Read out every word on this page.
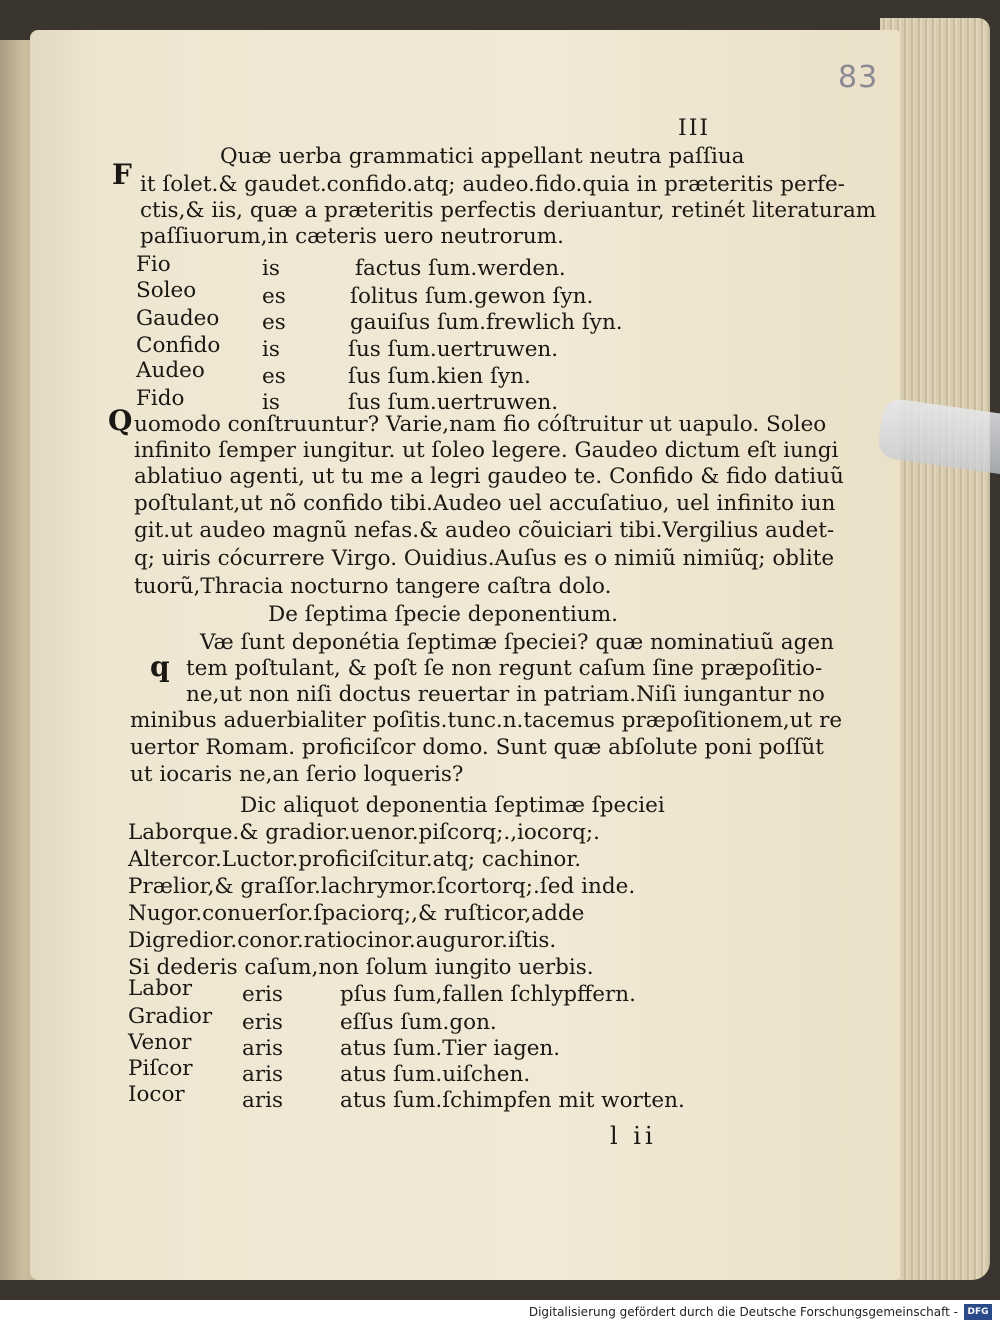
83
III
Quæ uerba grammatici appellant neutra paſſiua
F it ſolet.& gaudet.confido.atq; audeo.fido.quia in præteritis perfe-
ctis,& iis, quæ a præteritis perfectis deriuantur, retinét literaturam
paſſiuorum,in cæteris uero neutrorum.
Fio	is	factus ſum.werden.
Soleo	es	ſolitus ſum.gewon ſyn.
Gaudeo es	gauiſus ſum.frewlich ſyn.
Confido is	ſus ſum.uertruwen.
Audeo	es	ſus ſum.kien ſyn.
Fido	is	ſus ſum.uertruwen.
Q uomodo conſtruuntur? Varie,nam fio cóſtruitur ut uapulo. Soleo
infinito ſemper iungitur. ut ſoleo legere. Gaudeo dictum eſt iungi
ablatiuo agenti, ut tu me a legri gaudeo te. Confido & fido datiuũ
poſtulant,ut nõ confido tibi.Audeo uel accuſatiuo, uel infinito iun
git.ut audeo magnũ nefas.& audeo cõuiciari tibi.Vergilius audet-
q; uiris cócurrere Virgo. Ouidius.Auſus es o nimiũ nimiũq; oblite
tuorũ,Thracia nocturno tangere caſtra dolo.
De ſeptima ſpecie deponentium.
Væ ſunt deponétia ſeptimæ ſpeciei? quæ nominatiuũ agen
q tem poſtulant, & poſt ſe non regunt caſum ſine præpoſitio-
ne,ut non niſi doctus reuertar in patriam.Niſi iungantur no
minibus aduerbialiter poſitis.tunc.n.tacemus præpoſitionem,ut re
uertor Romam. proficiſcor domo. Sunt quæ abſolute poni poſſũt
ut iocaris ne,an ſerio loqueris?
Dic aliquot deponentia ſeptimæ ſpeciei
Laborque.& gradior.uenor.piſcorq;.,iocorq;.
Altercor.Luctor.proficiſcitur.atq; cachinor.
Prælior,& graſſor.lachrymor.ſcortorq;.ſed inde.
Nugor.conuerſor.ſpaciorq;,& ruſticor,adde
Digredior.conor.ratiocinor.auguror.iſtis.
Si dederis caſum,non ſolum iungito uerbis.
Labor eris	pſus ſum,fallen ſchlypffern.
Gradior eris	eſſus ſum.gon.
Venor aris	atus ſum.Tier iagen.
Piſcor aris	atus ſum.uiſchen.
Iocor	aris	atus ſum.ſchimpfen mit worten.
l ii
Digitalisierung gefördert durch die Deutsche Forschungsgemeinschaft -	DFG
